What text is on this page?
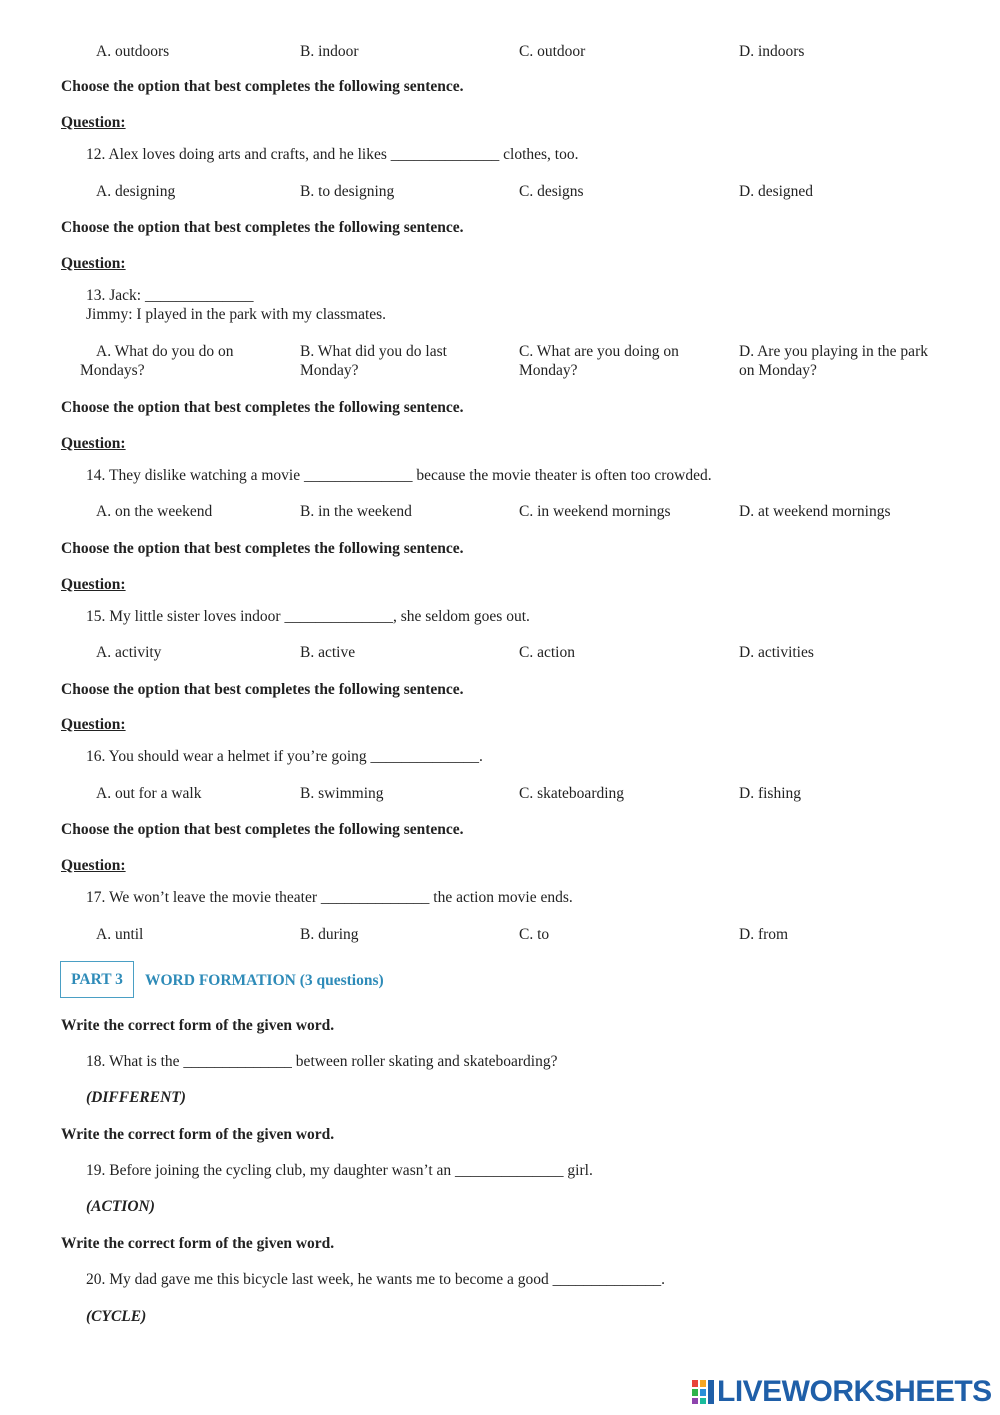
A. outdoors	B. indoor	C. outdoor	D. indoors
Choose the option that best completes the following sentence.
Question:
12. Alex loves doing arts and crafts, and he likes ______________ clothes, too.
A. designing	B. to designing	C. designs	D. designed
Choose the option that best completes the following sentence.
Question:
13. Jack: ______________
Jimmy: I played in the park with my classmates.
A. What do you do on Mondays?
B. What did you do last Monday?
C. What are you doing on Monday?
D. Are you playing in the park on Monday?
Choose the option that best completes the following sentence.
Question:
14. They dislike watching a movie ______________ because the movie theater is often too crowded.
A. on the weekend	B. in the weekend	C. in weekend mornings	D. at weekend mornings
Choose the option that best completes the following sentence.
Question:
15. My little sister loves indoor ______________, she seldom goes out.
A. activity	B. active	C. action	D. activities
Choose the option that best completes the following sentence.
Question:
16. You should wear a helmet if you’re going ______________.
A. out for a walk	B. swimming	C. skateboarding	D. fishing
Choose the option that best completes the following sentence.
Question:
17. We won’t leave the movie theater ______________ the action movie ends.
A. until	B. during	C. to	D. from
PART 3	WORD FORMATION (3 questions)
Write the correct form of the given word.
18. What is the ______________ between roller skating and skateboarding?
(DIFFERENT)
Write the correct form of the given word.
19. Before joining the cycling club, my daughter wasn’t an ______________ girl.
(ACTION)
Write the correct form of the given word.
20. My dad gave me this bicycle last week, he wants me to become a good ______________.
(CYCLE)
LIVEWORKSHEETS
